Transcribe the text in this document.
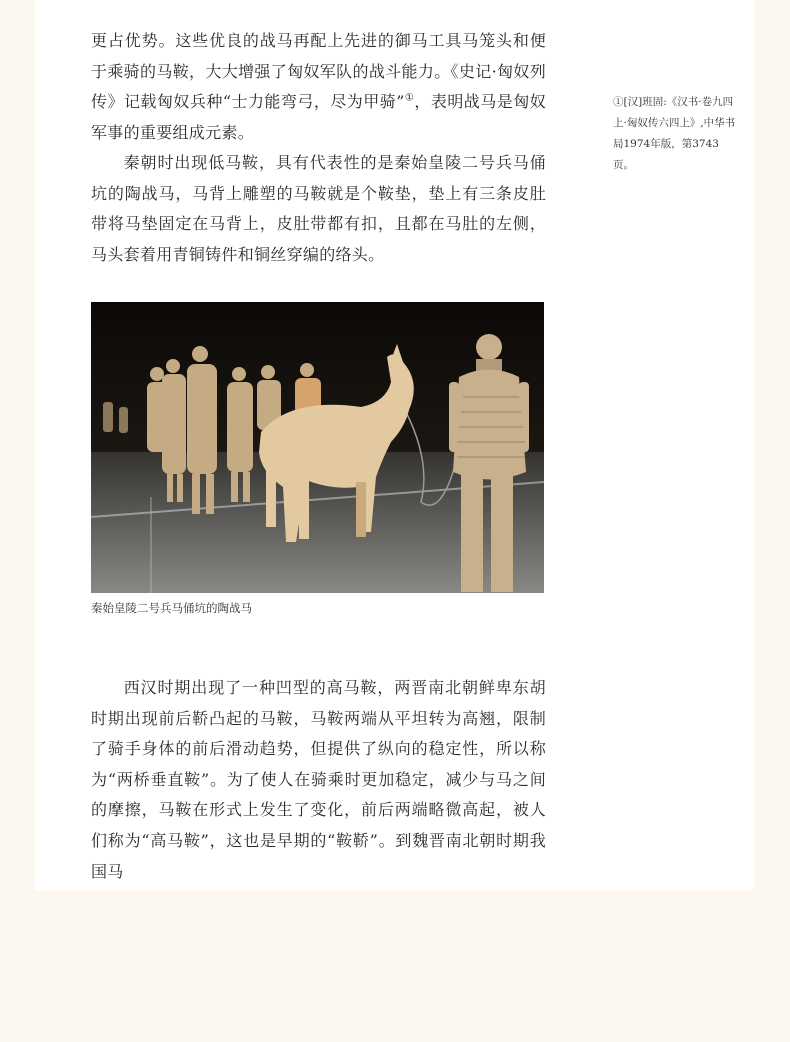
更占优势。这些优良的战马再配上先进的御马工具马笼头和便于乘骑的马鞍，大大增强了匈奴军队的战斗能力。《史记·匈奴列传》记载匈奴兵种“士力能弯弓，尽为甲骑”①，表明战马是匈奴军事的重要组成元素。

秦朝时出现低马鞍，具有代表性的是秦始皇陵二号兵马俑坑的陶战马，马背上雕塑的马鞍就是个鞍垫，垫上有三条皮肚带将马垫固定在马背上，皮肚带都有扣，且都在马肚的左侧，马头套着用青铜铸件和铜丝穿编的络头。

①[汉]班固:《汉书·卷九四上·匈奴传六四上》,中华书局1974年版，第3743页。
秦始皇陵二号兵马俑坑的陶战马

西汉时期出现了一种凹型的高马鞍，两晋南北朝鲜卑东胡时期出现前后鞒凸起的马鞍，马鞍两端从平坦转为高翘，限制了骑手身体的前后滑动趋势，但提供了纵向的稳定性，所以称为“两桥垂直鞍”。为了使人在骑乘时更加稳定，减少与马之间的摩擦，马鞍在形式上发生了变化，前后两端略微高起，被人们称为“高马鞍”，这也是早期的“鞍鞒”。到魏晋南北朝时期我国马
